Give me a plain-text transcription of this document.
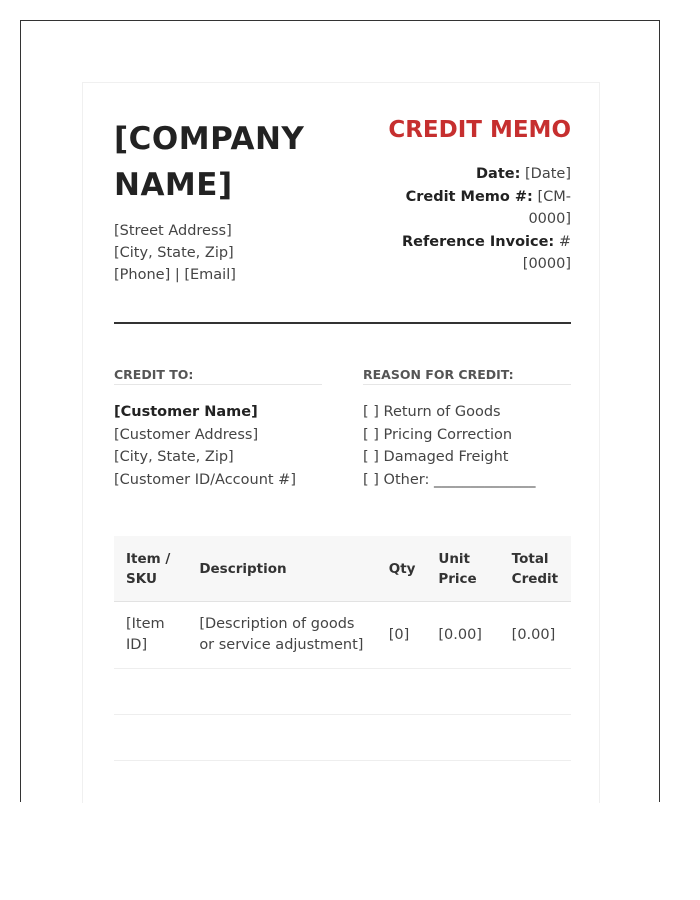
[COMPANY NAME]
[Street Address]
[City, State, Zip]
[Phone] | [Email]
CREDIT MEMO
Date: [Date]
Credit Memo #: [CM-0000]
Reference Invoice: #[0000]
CREDIT TO:	REASON FOR CREDIT:
[Customer Name]
[Customer Address]
[City, State, Zip]
[Customer ID/Account #]
[ ] Return of Goods
[ ] Pricing Correction
[ ] Damaged Freight
[ ] Other: ______________
Item / SKU	Description	Qty	Unit Price	Total Credit
[Item ID]	[Description of goods or service adjustment]	[0]	[0.00]	[0.00]
